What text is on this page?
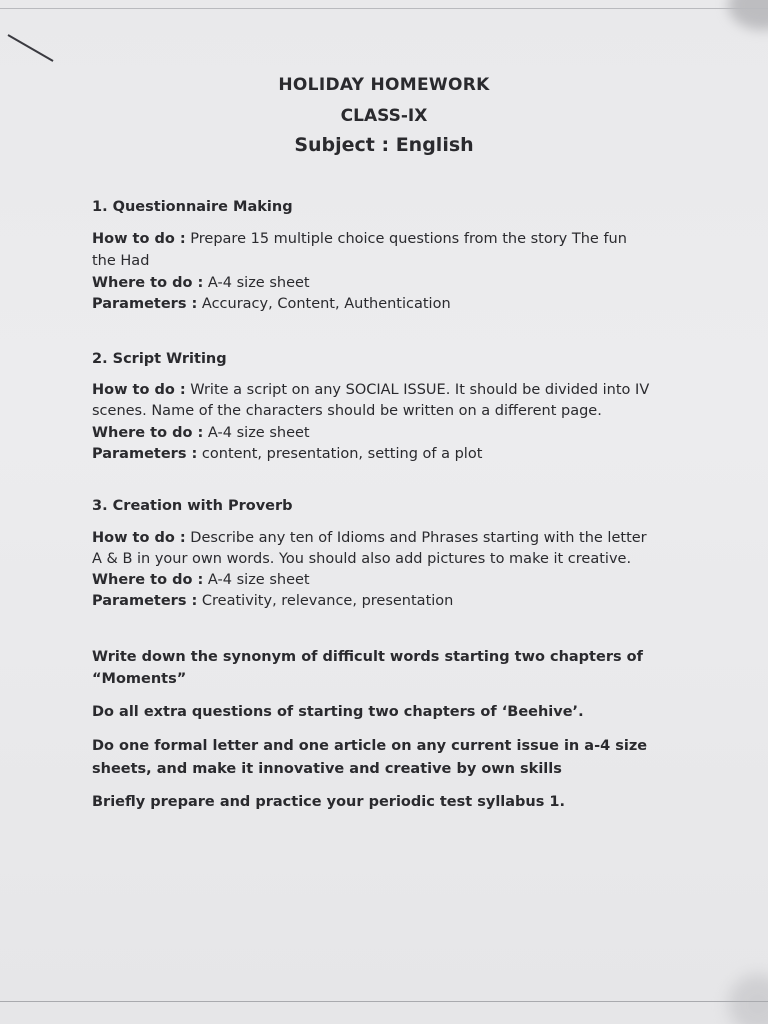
HOLIDAY HOMEWORK
CLASS-IX
Subject : English
1. Questionnaire Making
How to do : Prepare 15 multiple choice questions from the story The fun
the Had
Where to do : A-4 size sheet
Parameters : Accuracy, Content, Authentication
2. Script Writing
How to do : Write a script on any SOCIAL ISSUE. It should be divided into IV
scenes. Name of the characters should be written on a different page.
Where to do : A-4 size sheet
Parameters : content, presentation, setting of a plot
3. Creation with Proverb
How to do : Describe any ten of Idioms and Phrases starting with the letter
A & B in your own words. You should also add pictures to make it creative.
Where to do : A-4 size sheet
Parameters : Creativity, relevance, presentation
Write down the synonym of difficult words starting two chapters of
“Moments”
Do all extra questions of starting two chapters of ‘Beehive’.
Do one formal letter and one article on any current issue in a-4 size
sheets, and make it innovative and creative by own skills
Briefly prepare and practice your periodic test syllabus 1.
